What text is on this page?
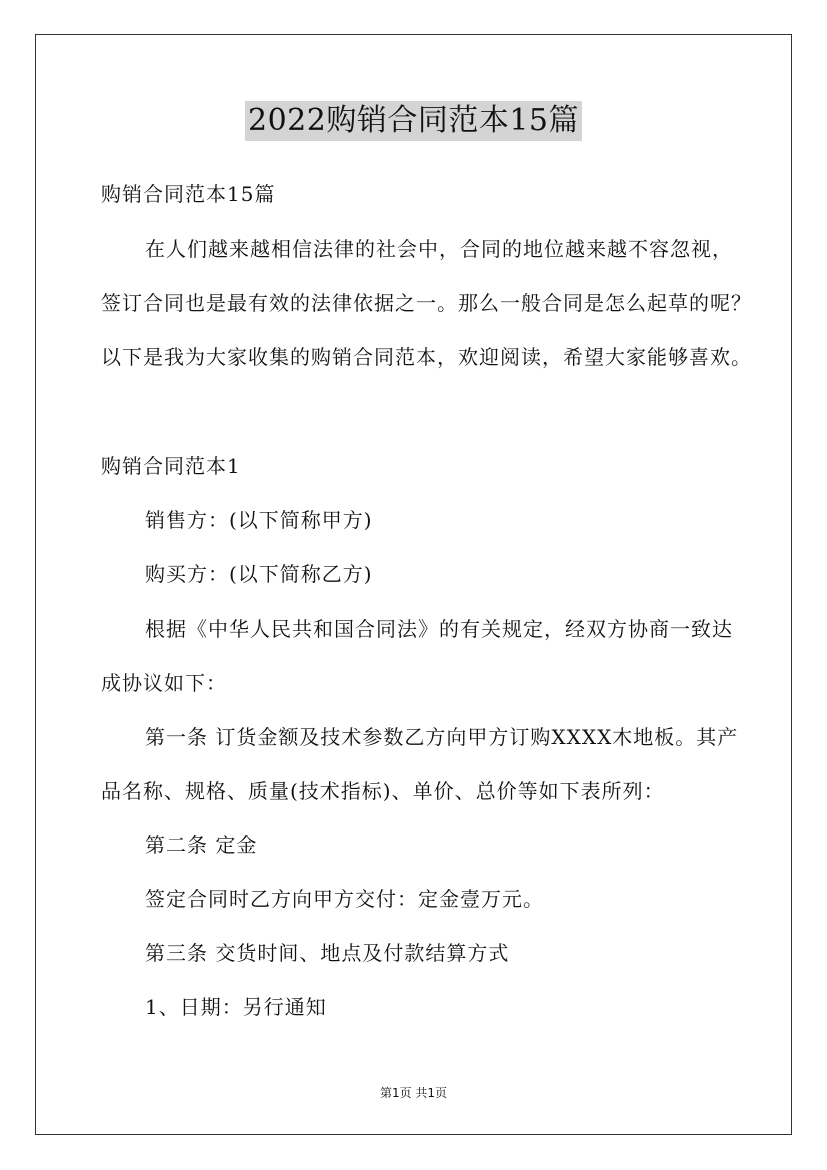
2022购销合同范本15篇
购销合同范本15篇
在人们越来越相信法律的社会中，合同的地位越来越不容忽视，
签订合同也是最有效的法律依据之一。那么一般合同是怎么起草的呢？
以下是我为大家收集的购销合同范本，欢迎阅读，希望大家能够喜欢。
购销合同范本1
销售方：(以下简称甲方)
购买方：(以下简称乙方)
根据《中华人民共和国合同法》的有关规定，经双方协商一致达
成协议如下：
第一条 订货金额及技术参数乙方向甲方订购XXXX木地板。其产
品名称、规格、质量(技术指标)、单价、总价等如下表所列：
第二条 定金
签定合同时乙方向甲方交付：定金壹万元。
第三条 交货时间、地点及付款结算方式
1、日期：另行通知
第1页 共1页
